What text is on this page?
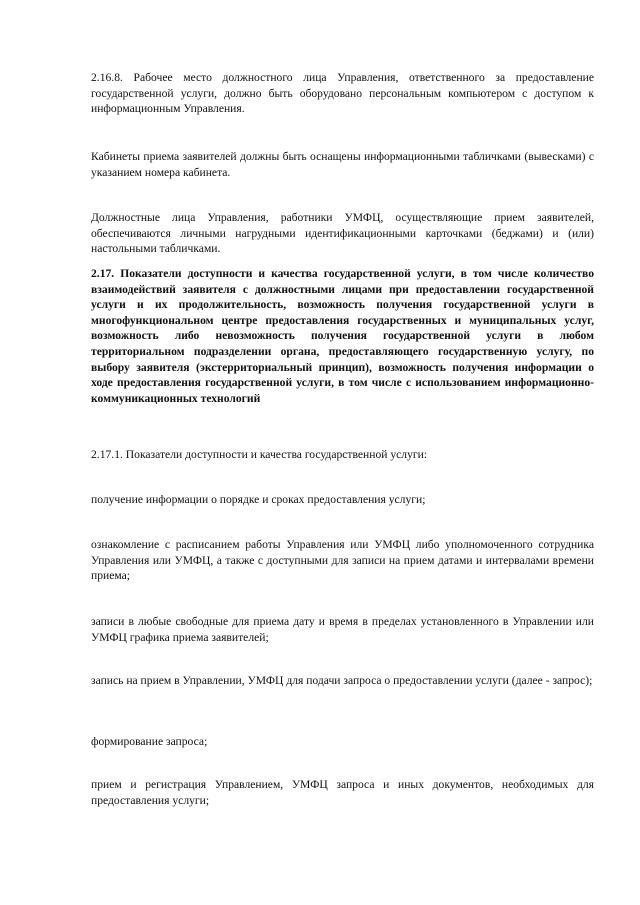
2.16.8. Рабочее место должностного лица Управления, ответственного за предоставление государственной услуги, должно быть оборудовано персональным компьютером с доступом к информационным Управления.

Кабинеты приема заявителей должны быть оснащены информационными табличками (вывесками) с указанием номера кабинета.

Должностные лица Управления, работники УМФЦ, осуществляющие прием заявителей, обеспечиваются личными нагрудными идентификационными карточками (беджами) и (или) настольными табличками.

2.17. Показатели доступности и качества государственной услуги, в том числе количество взаимодействий заявителя с должностными лицами при предоставлении государственной услуги и их продолжительность, возможность получения государственной услуги в многофункциональном центре предоставления государственных и муниципальных услуг, возможность либо невозможность получения государственной услуги в любом территориальном подразделении органа, предоставляющего государственную услугу, по выбору заявителя (экстерриториальный принцип), возможность получения информации о ходе предоставления государственной услуги, в том числе с использованием информационно-коммуникационных технологий

2.17.1. Показатели доступности и качества государственной услуги:

получение информации о порядке и сроках предоставления услуги;

ознакомление с расписанием работы Управления или УМФЦ либо уполномоченного сотрудника Управления или УМФЦ, а также с доступными для записи на прием датами и интервалами времени приема;

записи в любые свободные для приема дату и время в пределах установленного в Управлении или УМФЦ графика приема заявителей;

запись на прием в Управлении, УМФЦ для подачи запроса о предоставлении услуги (далее - запрос);

формирование запроса;

прием и регистрация Управлением, УМФЦ запроса и иных документов, необходимых для предоставления услуги;
